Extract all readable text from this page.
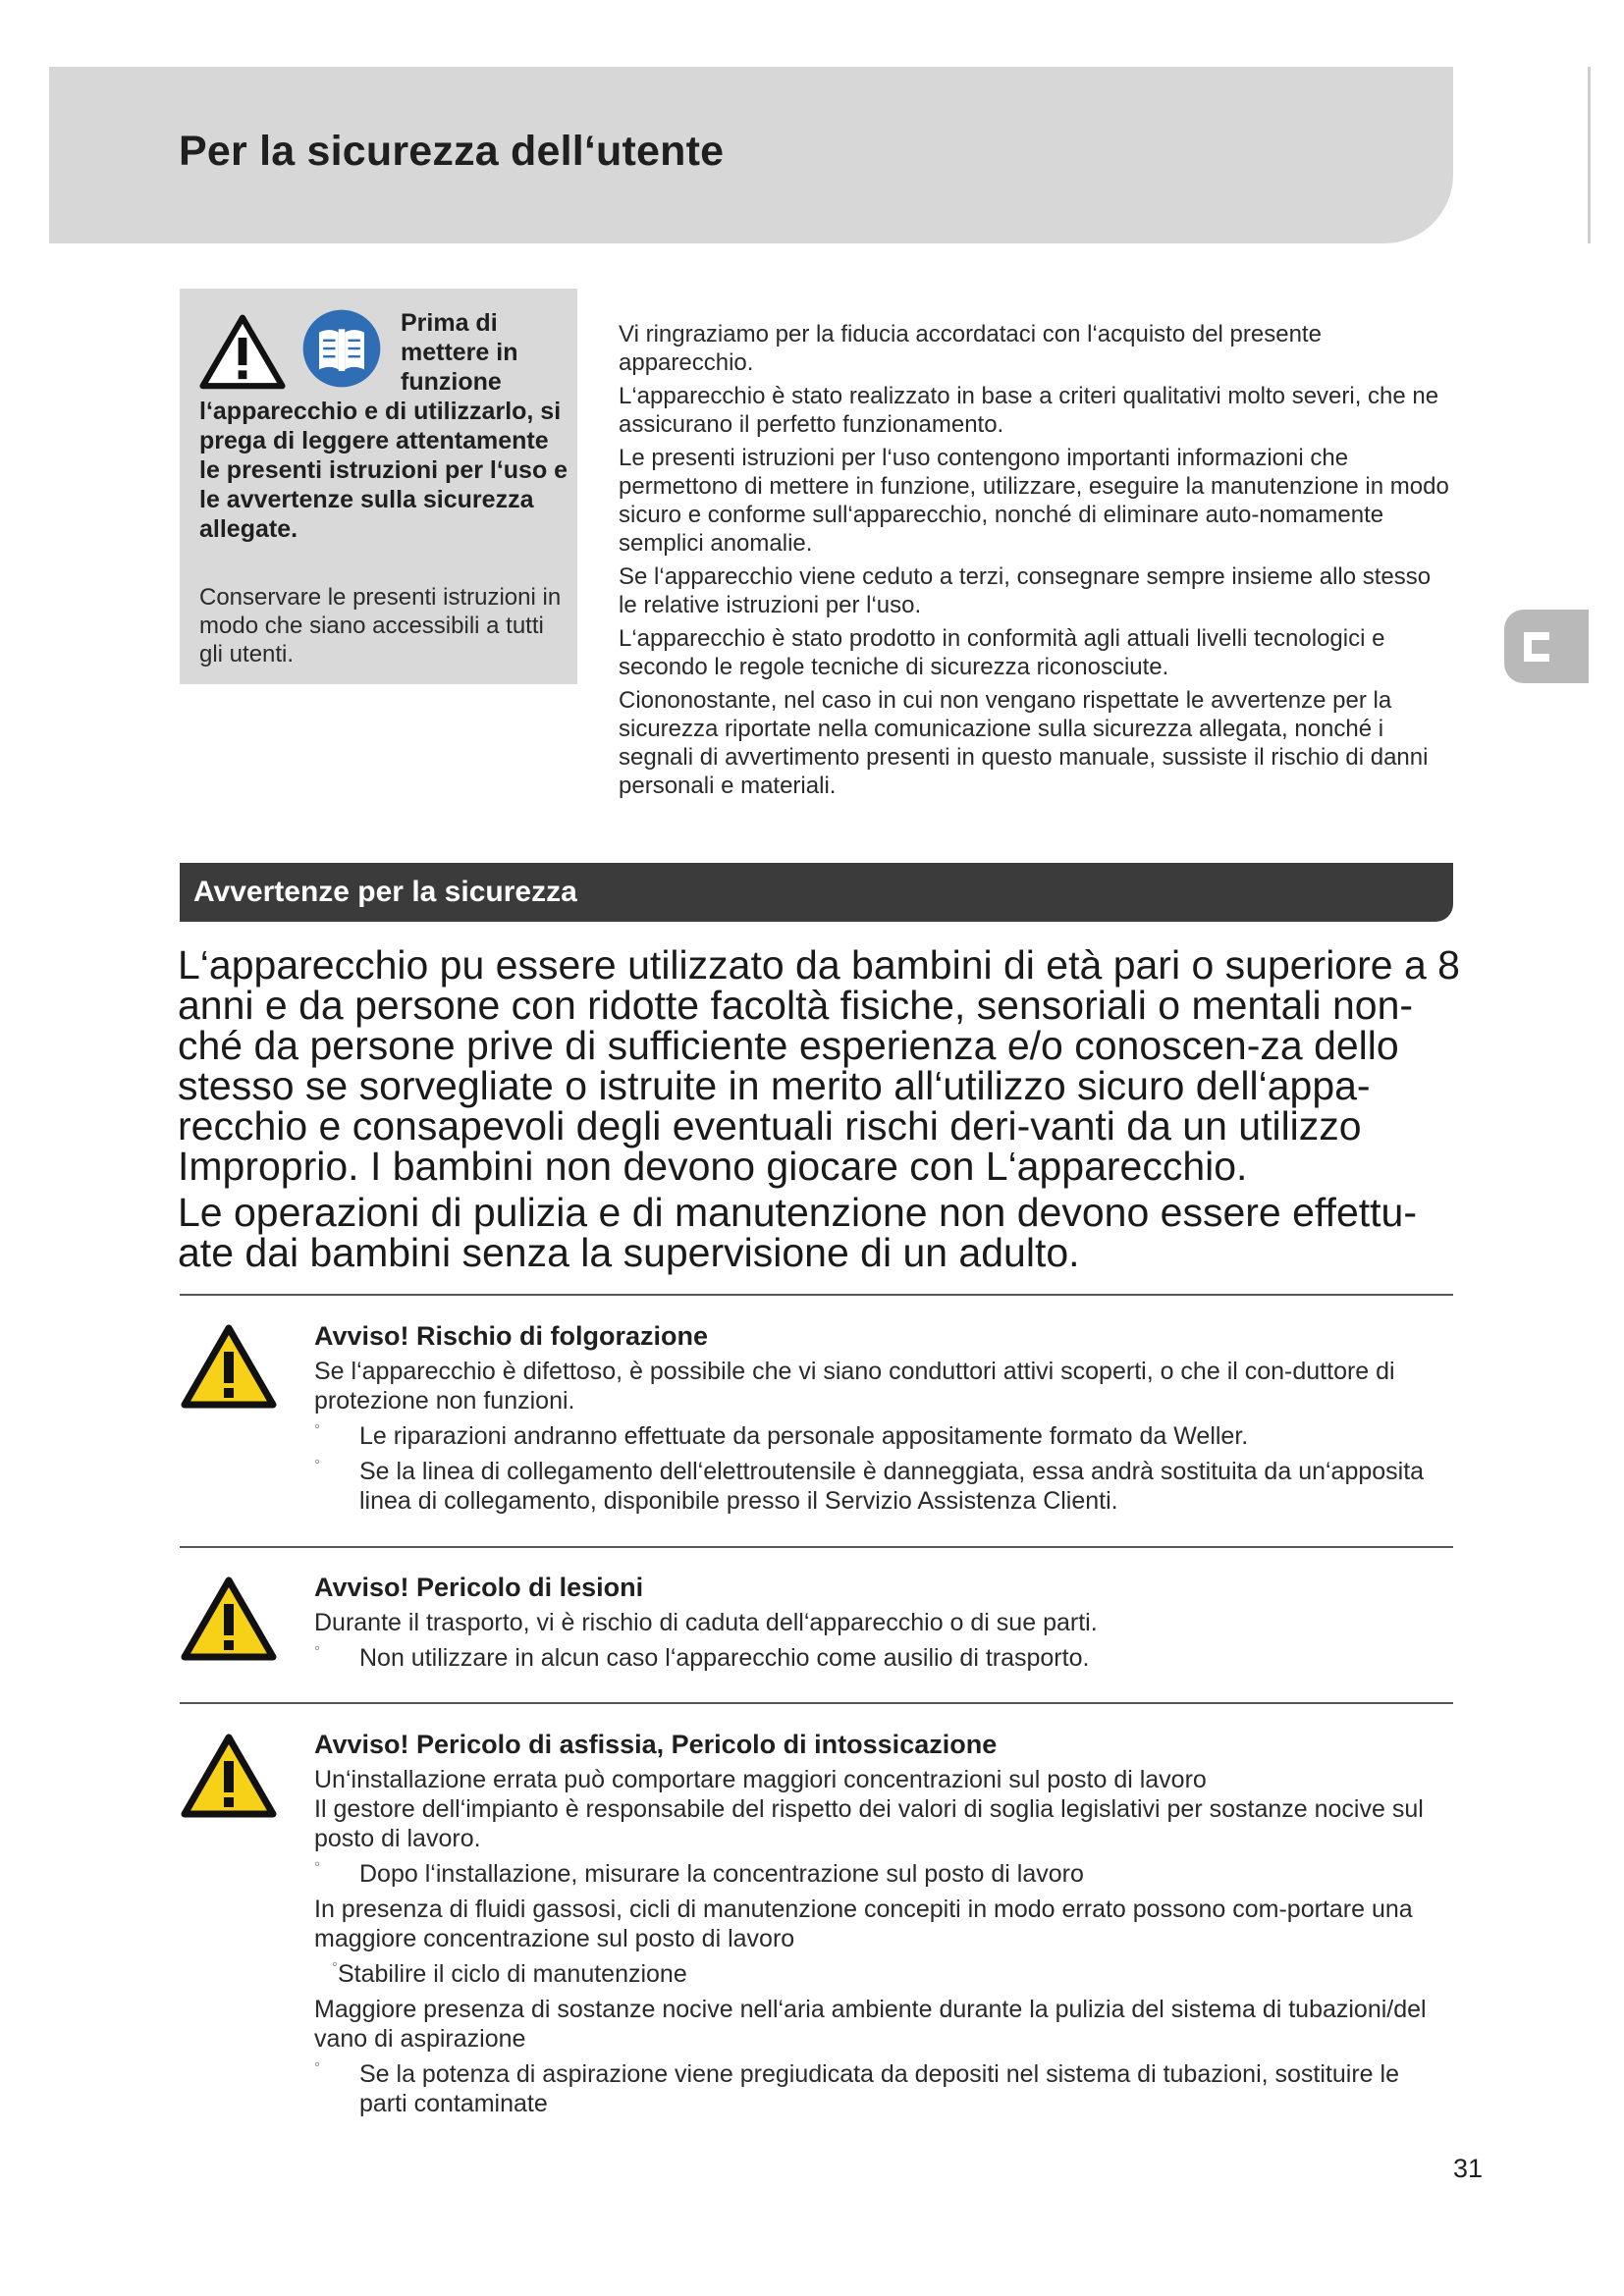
Per la sicurezza dell‘utente

Prima di mettere in funzione

l‘apparecchio e di utilizzarlo, si prega di leggere attentamente le presenti istruzioni per l‘uso e le avvertenze sulla sicurezza allegate.

Conservare le presenti istruzioni in modo che siano accessibili a tutti gli utenti.

Vi ringraziamo per la fiducia accordataci con l‘acquisto del presente apparecchio.

L‘apparecchio è stato realizzato in base a criteri qualitativi molto severi, che ne assicurano il perfetto funzionamento.

Le presenti istruzioni per l‘uso contengono importanti informazioni che permettono di mettere in funzione, utilizzare, eseguire la manutenzione in modo sicuro e conforme sull‘apparecchio, nonché di eliminare auto-nomamente semplici anomalie.

Se l‘apparecchio viene ceduto a terzi, consegnare sempre insieme allo stesso le relative istruzioni per l‘uso.

L‘apparecchio è stato prodotto in conformità agli attuali livelli tecnologici e secondo le regole tecniche di sicurezza riconosciute.

Ciononostante, nel caso in cui non vengano rispettate le avvertenze per la sicurezza riportate nella comunicazione sulla sicurezza allegata, nonché i segnali di avvertimento presenti in questo manuale, sussiste il rischio di danni personali e materiali.

Avvertenze per la sicurezza

L‘apparecchio pu essere utilizzato da bambini di età pari o superiore a 8 anni e da persone con ridotte facoltà fisiche, sensoriali o mentali non-ché da persone prive di sufficiente esperienza e/o conoscen-za dello stesso se sorvegliate o istruite in merito all‘utilizzo sicuro dell‘appa-recchio e consapevoli degli eventuali rischi deri-vanti da un utilizzo Improprio. I bambini non devono giocare con L‘apparecchio.

Le operazioni di pulizia e di manutenzione non devono essere effettu-ate dai bambini senza la supervisione di un adulto.

Avviso! Rischio di folgorazione

Se l‘apparecchio è difettoso, è possibile che vi siano conduttori attivi scoperti, o che il con-duttore di protezione non funzioni.

° Le riparazioni andranno effettuate da personale appositamente formato da Weller.

° Se la linea di collegamento dell‘elettroutensile è danneggiata, essa andrà sostituita da un‘apposita linea di collegamento, disponibile presso il Servizio Assistenza Clienti.

Avviso! Pericolo di lesioni

Durante il trasporto, vi è rischio di caduta dell‘apparecchio o di sue parti.

° Non utilizzare in alcun caso l‘apparecchio come ausilio di trasporto.

Avviso! Pericolo di asfissia, Pericolo di intossicazione

Un‘installazione errata può comportare maggiori concentrazioni sul posto di lavoro

Il gestore dell‘impianto è responsabile del rispetto dei valori di soglia legislativi per sostanze nocive sul posto di lavoro.

° Dopo l‘installazione, misurare la concentrazione sul posto di lavoro

In presenza di fluidi gassosi, cicli di manutenzione concepiti in modo errato possono com-portare una maggiore concentrazione sul posto di lavoro

° Stabilire il ciclo di manutenzione

Maggiore presenza di sostanze nocive nell‘aria ambiente durante la pulizia del sistema di tubazioni/del vano di aspirazione

° Se la potenza di aspirazione viene pregiudicata da depositi nel sistema di tubazioni, sostituire le parti contaminate

31
